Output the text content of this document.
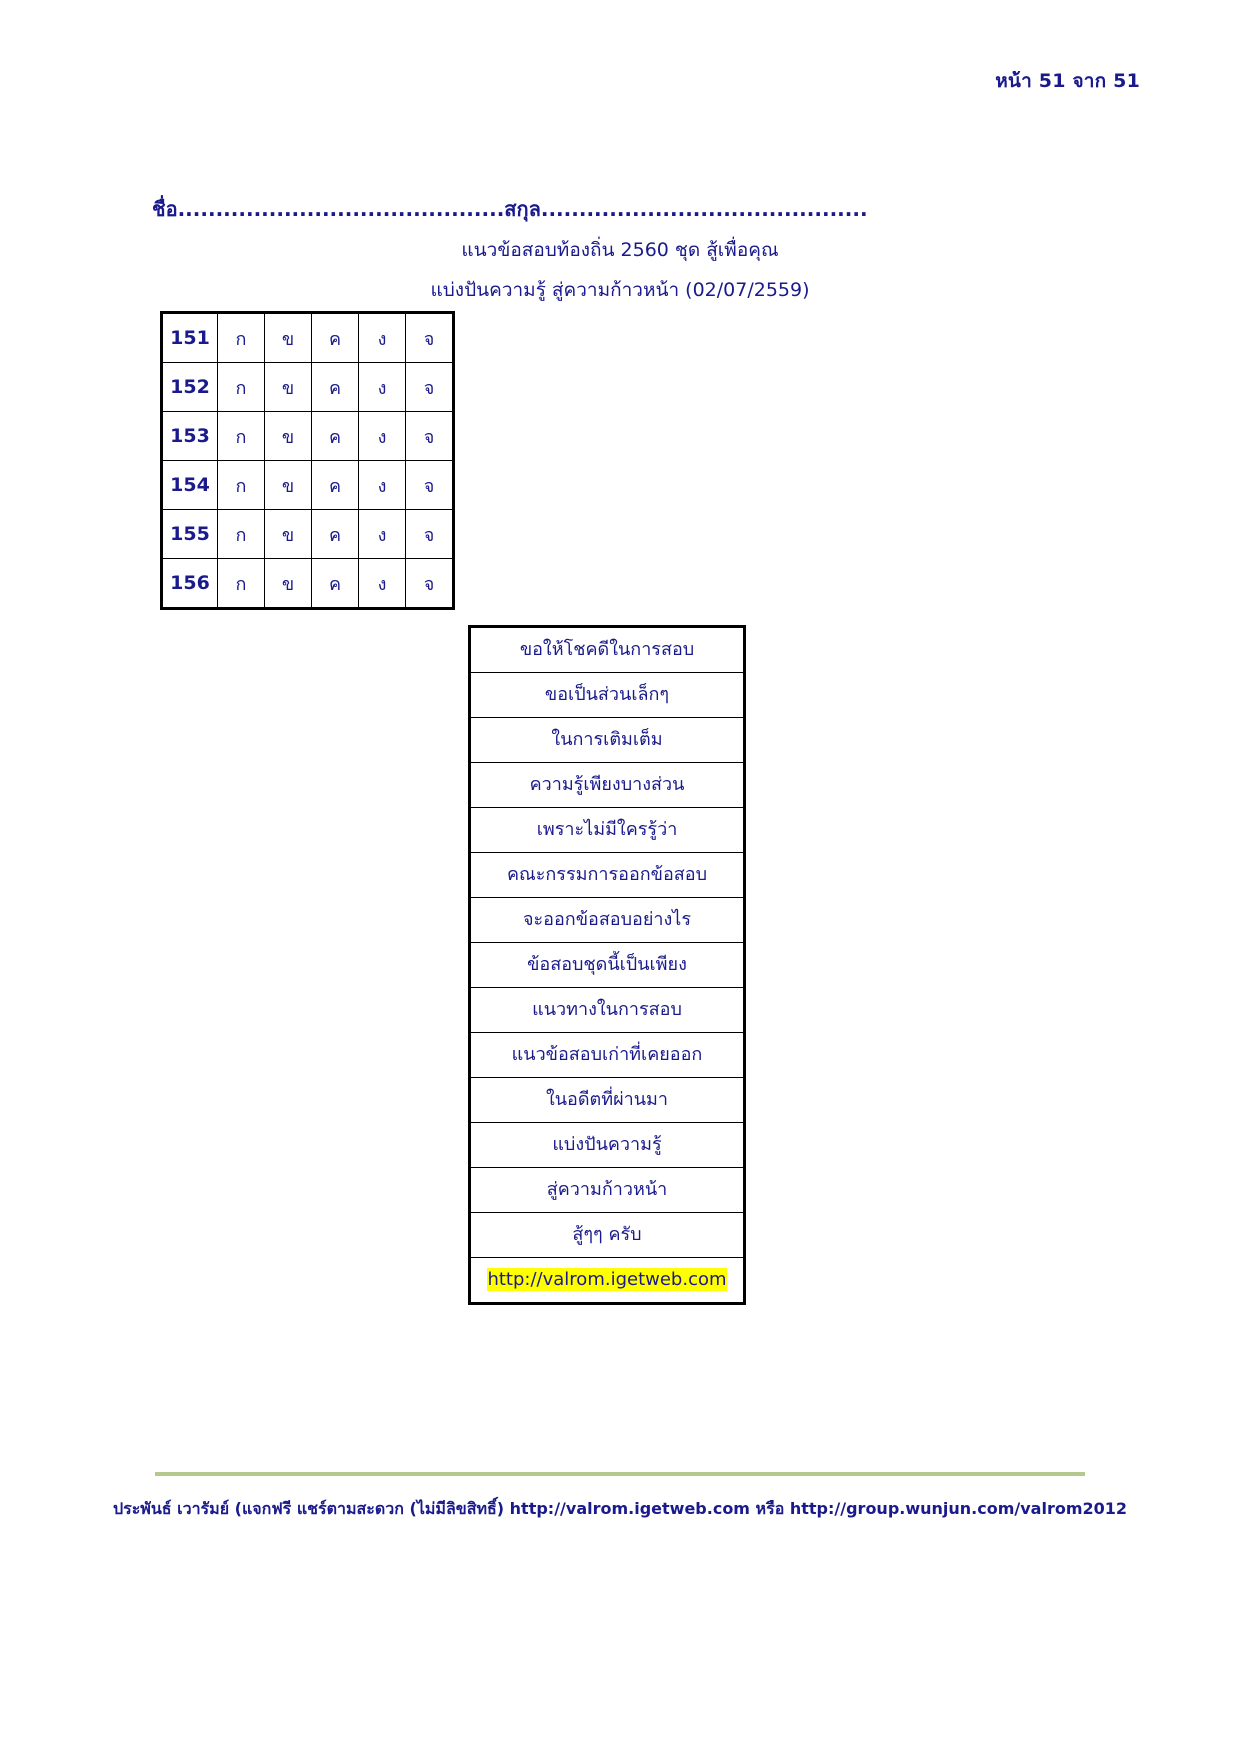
หน้า 51 จาก 51
ชื่อ...........................................สกุล...........................................
แนวข้อสอบท้องถิ่น 2560 ชุด สู้เพื่อคุณ
แบ่งปันความรู้ สู่ความก้าวหน้า (02/07/2559)
151	ก	ข	ค	ง	จ
152	ก	ข	ค	ง	จ
153	ก	ข	ค	ง	จ
154	ก	ข	ค	ง	จ
155	ก	ข	ค	ง	จ
156	ก	ข	ค	ง	จ
ขอให้โชคดีในการสอบ
ขอเป็นส่วนเล็กๆ
ในการเติมเต็ม
ความรู้เพียงบางส่วน
เพราะไม่มีใครรู้ว่า
คณะกรรมการออกข้อสอบ
จะออกข้อสอบอย่างไร
ข้อสอบชุดนี้เป็นเพียง
แนวทางในการสอบ
แนวข้อสอบเก่าที่เคยออก
ในอดีตที่ผ่านมา
แบ่งปันความรู้
สู่ความก้าวหน้า
สู้ๆๆ ครับ
http://valrom.igetweb.com
ประพันธ์ เวารัมย์ (แจกฟรี แชร์ตามสะดวก (ไม่มีลิขสิทธิ์) http://valrom.igetweb.com หรือ http://group.wunjun.com/valrom2012
